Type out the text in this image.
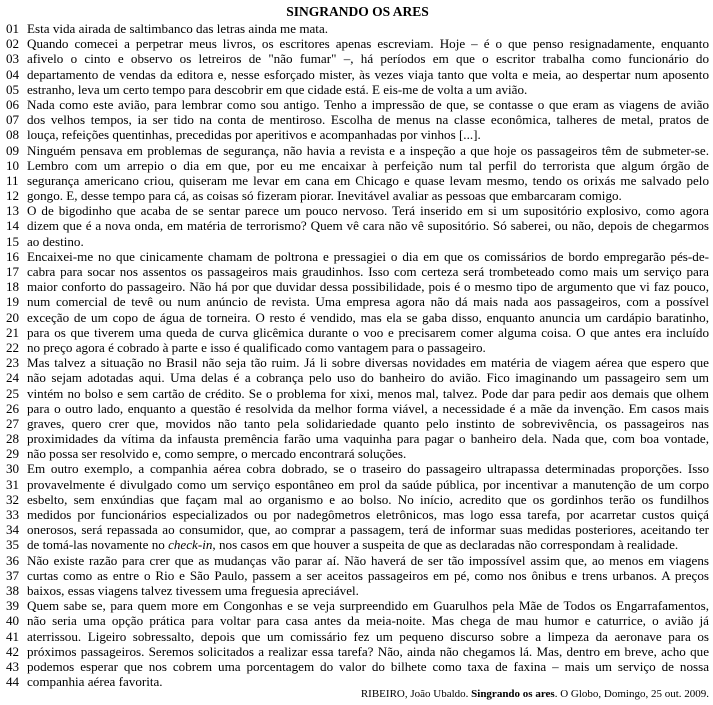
SINGRANDO OS ARES
01 Esta vida airada de saltimbanco das letras ainda me mata.
02 Quando comecei a perpetrar meus livros, os escritores apenas escreviam. Hoje – é o que penso resignadamente, enquanto
03 afivelo o cinto e observo os letreiros de "não fumar" –, há períodos em que o escritor trabalha como funcionário do
04 departamento de vendas da editora e, nesse esforçado mister, às vezes viaja tanto que volta e meia, ao despertar num aposento
05 estranho, leva um certo tempo para descobrir em que cidade está. E eis-me de volta a um avião.
06 Nada como este avião, para lembrar como sou antigo. Tenho a impressão de que, se contasse o que eram as viagens de avião
07 dos velhos tempos, ia ser tido na conta de mentiroso. Escolha de menus na classe econômica, talheres de metal, pratos de
08 louça, refeições quentinhas, precedidas por aperitivos e acompanhadas por vinhos [...].
09 Ninguém pensava em problemas de segurança, não havia a revista e a inspeção a que hoje os passageiros têm de submeter-se.
10 Lembro com um arrepio o dia em que, por eu me encaixar à perfeição num tal perfil do terrorista que algum órgão de
11 segurança americano criou, quiseram me levar em cana em Chicago e quase levam mesmo, tendo os orixás me salvado pelo
12 gongo. E, desse tempo para cá, as coisas só fizeram piorar. Inevitável avaliar as pessoas que embarcaram comigo.
13 O de bigodinho que acaba de se sentar parece um pouco nervoso. Terá inserido em si um supositório explosivo, como agora
14 dizem que é a nova onda, em matéria de terrorismo? Quem vê cara não vê supositório. Só saberei, ou não, depois de chegarmos
15 ao destino.
16 Encaixei-me no que cinicamente chamam de poltrona e pressagiei o dia em que os comissários de bordo empregarão pés-de-
17 cabra para socar nos assentos os passageiros mais graudinhos. Isso com certeza será trombeteado como mais um serviço para
18 maior conforto do passageiro. Não há por que duvidar dessa possibilidade, pois é o mesmo tipo de argumento que vi faz pouco,
19 num comercial de tevê ou num anúncio de revista. Uma empresa agora não dá mais nada aos passageiros, com a possível
20 exceção de um copo de água de torneira. O resto é vendido, mas ela se gaba disso, enquanto anuncia um cardápio baratinho,
21 para os que tiverem uma queda de curva glicêmica durante o voo e precisarem comer alguma coisa. O que antes era incluído
22 no preço agora é cobrado à parte e isso é qualificado como vantagem para o passageiro.
23 Mas talvez a situação no Brasil não seja tão ruim. Já li sobre diversas novidades em matéria de viagem aérea que espero que
24 não sejam adotadas aqui. Uma delas é a cobrança pelo uso do banheiro do avião. Fico imaginando um passageiro sem um
25 vintém no bolso e sem cartão de crédito. Se o problema for xixi, menos mal, talvez. Pode dar para pedir aos demais que olhem
26 para o outro lado, enquanto a questão é resolvida da melhor forma viável, a necessidade é a mãe da invenção. Em casos mais
27 graves, quero crer que, movidos não tanto pela solidariedade quanto pelo instinto de sobrevivência, os passageiros nas
28 proximidades da vítima da infausta premência farão uma vaquinha para pagar o banheiro dela. Nada que, com boa vontade,
29 não possa ser resolvido e, como sempre, o mercado encontrará soluções.
30 Em outro exemplo, a companhia aérea cobra dobrado, se o traseiro do passageiro ultrapassa determinadas proporções. Isso
31 provavelmente é divulgado como um serviço espontâneo em prol da saúde pública, por incentivar a manutenção de um corpo
32 esbelto, sem enxúndias que façam mal ao organismo e ao bolso. No início, acredito que os gordinhos terão os fundilhos
33 medidos por funcionários especializados ou por nadegômetros eletrônicos, mas logo essa tarefa, por acarretar custos quiçá
34 onerosos, será repassada ao consumidor, que, ao comprar a passagem, terá de informar suas medidas posteriores, aceitando ter
35 de tomá-las novamente no check-in, nos casos em que houver a suspeita de que as declaradas não correspondam à realidade.
36 Não existe razão para crer que as mudanças vão parar aí. Não haverá de ser tão impossível assim que, ao menos em viagens
37 curtas como as entre o Rio e São Paulo, passem a ser aceitos passageiros em pé, como nos ônibus e trens urbanos. A preços
38 baixos, essas viagens talvez tivessem uma freguesia apreciável.
39 Quem sabe se, para quem more em Congonhas e se veja surpreendido em Guarulhos pela Mãe de Todos os Engarrafamentos,
40 não seria uma opção prática para voltar para casa antes da meia-noite. Mas chega de mau humor e caturrice, o avião já
41 aterrissou. Ligeiro sobressalto, depois que um comissário fez um pequeno discurso sobre a limpeza da aeronave para os
42 próximos passageiros. Seremos solicitados a realizar essa tarefa? Não, ainda não chegamos lá. Mas, dentro em breve, acho que
43 podemos esperar que nos cobrem uma porcentagem do valor do bilhete como taxa de faxina – mais um serviço de nossa
44 companhia aérea favorita.
RIBEIRO, João Ubaldo. Singrando os ares. O Globo, Domingo, 25 out. 2009.
